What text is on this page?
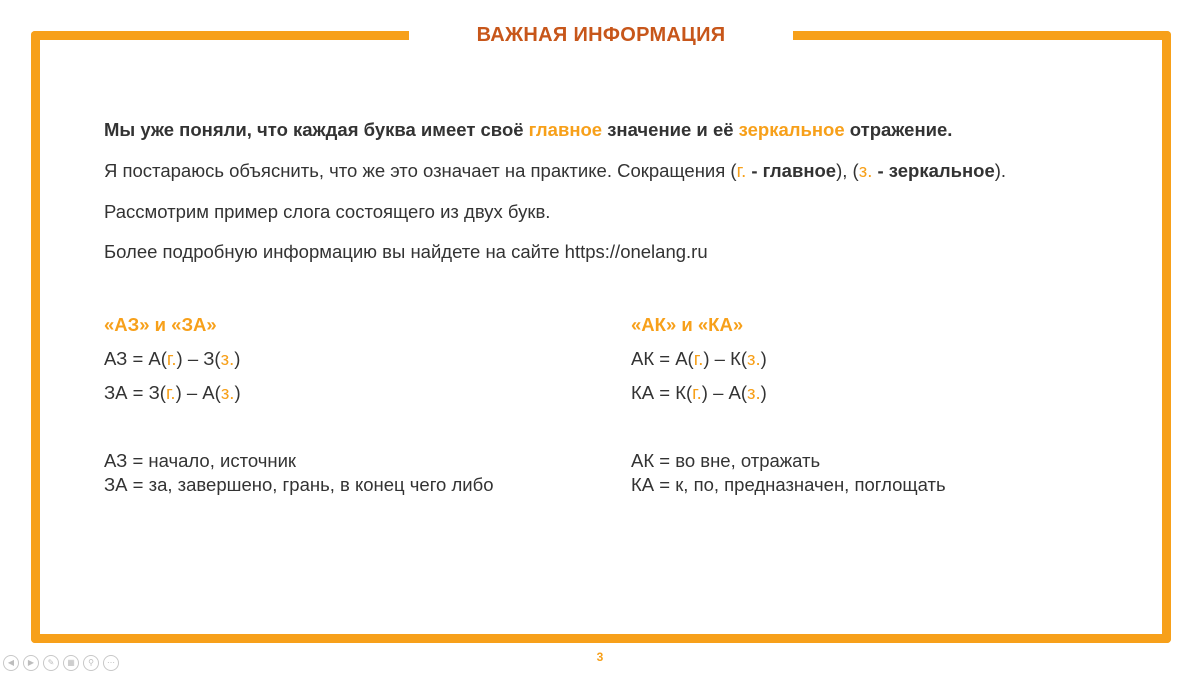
ВАЖНАЯ ИНФОРМАЦИЯ
Мы уже поняли, что каждая буква имеет своё главное значение и её зеркальное отражение.
Я постараюсь объяснить, что же это означает на практике. Сокращения (г. - главное), (з. - зеркальное).
Рассмотрим пример слога состоящего из двух букв.
Более подробную информацию вы найдете на сайте https://onelang.ru
«АЗ» и «ЗА»
АЗ = А(г.) – З(з.)
ЗА = З(г.) – А(з.)
АЗ = начало, источник
ЗА = за, завершено, грань, в конец чего либо
«АК» и «КА»
АК = А(г.) – К(з.)
КА = К(г.) – А(з.)
АК = во вне, отражать
КА = к, по, предназначен, поглощать
3
◀	▶	✎	▦	⚲	⋯
